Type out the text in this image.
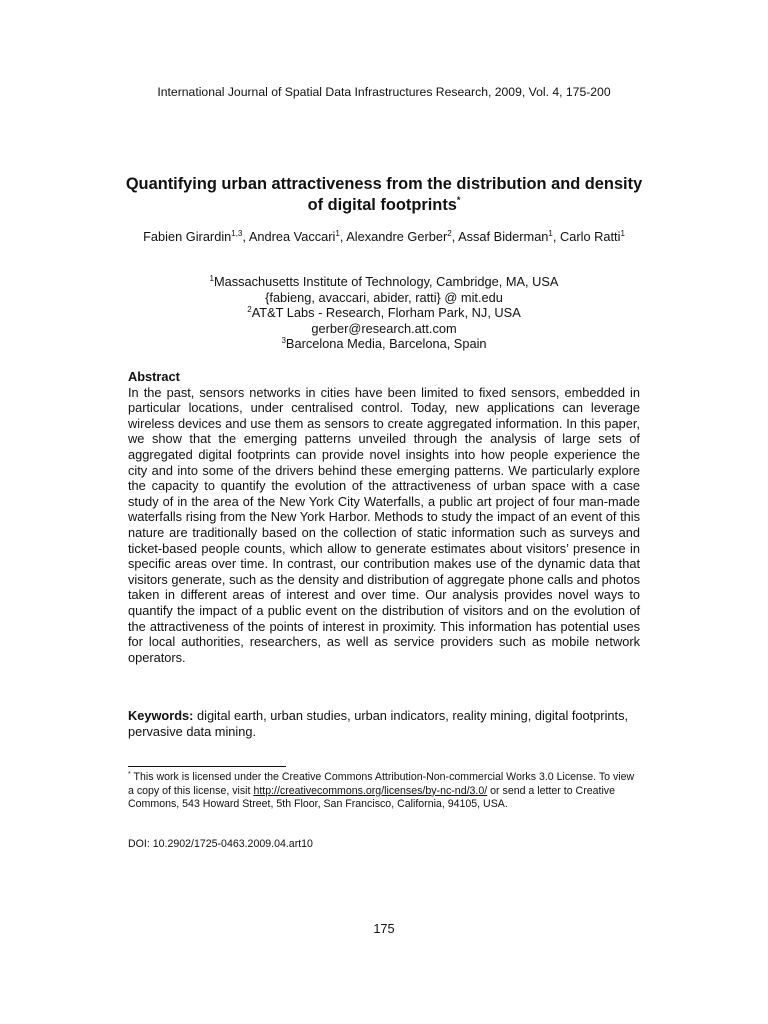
International Journal of Spatial Data Infrastructures Research, 2009, Vol. 4, 175-200
Quantifying urban attractiveness from the distribution and density of digital footprints*
Fabien Girardin$^{1,3}$, Andrea Vaccari$^1$, Alexandre Gerber$^2$, Assaf Biderman$^1$, Carlo Ratti$^1$
$^1$Massachusetts Institute of Technology, Cambridge, MA, USA
{fabieng, avaccari, abider, ratti} @ mit.edu
$^2$AT&T Labs - Research, Florham Park, NJ, USA
gerber@research.att.com
$^3$Barcelona Media, Barcelona, Spain
Abstract
In the past, sensors networks in cities have been limited to fixed sensors, embedded in particular locations, under centralised control. Today, new applications can leverage wireless devices and use them as sensors to create aggregated information. In this paper, we show that the emerging patterns unveiled through the analysis of large sets of aggregated digital footprints can provide novel insights into how people experience the city and into some of the drivers behind these emerging patterns. We particularly explore the capacity to quantify the evolution of the attractiveness of urban space with a case study of in the area of the New York City Waterfalls, a public art project of four man-made waterfalls rising from the New York Harbor. Methods to study the impact of an event of this nature are traditionally based on the collection of static information such as surveys and ticket-based people counts, which allow to generate estimates about visitors’ presence in specific areas over time. In contrast, our contribution makes use of the dynamic data that visitors generate, such as the density and distribution of aggregate phone calls and photos taken in different areas of interest and over time. Our analysis provides novel ways to quantify the impact of a public event on the distribution of visitors and on the evolution of the attractiveness of the points of interest in proximity. This information has potential uses for local authorities, researchers, as well as service providers such as mobile network operators.
Keywords: digital earth, urban studies, urban indicators, reality mining, digital footprints, pervasive data mining.
* This work is licensed under the Creative Commons Attribution-Non-commercial Works 3.0 License. To view a copy of this license, visit http://creativecommons.org/licenses/by-nc-nd/3.0/ or send a letter to Creative Commons, 543 Howard Street, 5th Floor, San Francisco, California, 94105, USA.
DOI: 10.2902/1725-0463.2009.04.art10
175
